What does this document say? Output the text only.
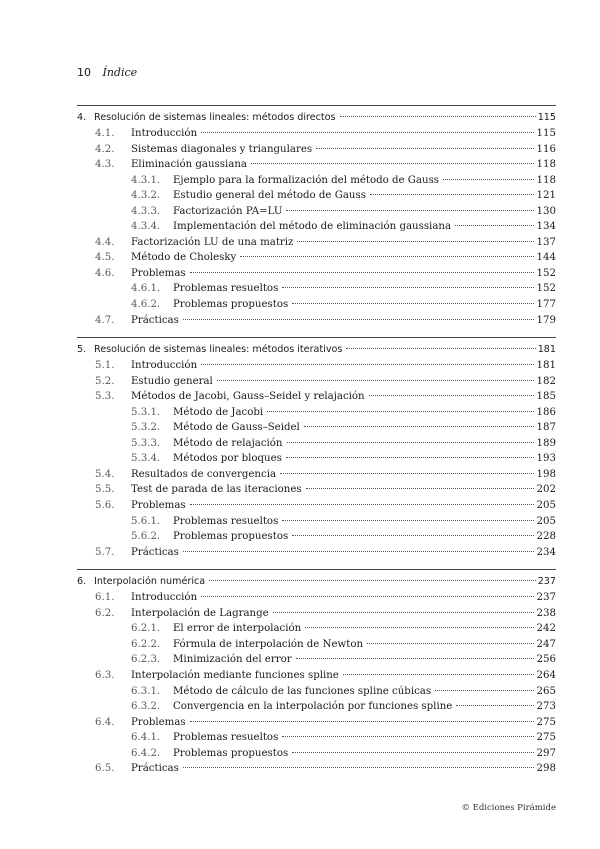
10 Índice
4. Resolución de sistemas lineales: métodos directos	115
4.1. Introducción	115
4.2. Sistemas diagonales y triangulares	116
4.3. Eliminación gaussiana	118
4.3.1. Ejemplo para la formalización del método de Gauss	118
4.3.2. Estudio general del método de Gauss	121
4.3.3. Factorización PA=LU	130
4.3.4. Implementación del método de eliminación gaussiana	134
4.4. Factorización LU de una matriz	137
4.5. Método de Cholesky	144
4.6. Problemas	152
4.6.1. Problemas resueltos	152
4.6.2. Problemas propuestos	177
4.7. Prácticas	179
5. Resolución de sistemas lineales: métodos iterativos	181
5.1. Introducción	181
5.2. Estudio general	182
5.3. Métodos de Jacobi, Gauss–Seidel y relajación	185
5.3.1. Método de Jacobi	186
5.3.2. Método de Gauss–Seidel	187
5.3.3. Método de relajación	189
5.3.4. Métodos por bloques	193
5.4. Resultados de convergencia	198
5.5. Test de parada de las iteraciones	202
5.6. Problemas	205
5.6.1. Problemas resueltos	205
5.6.2. Problemas propuestos	228
5.7. Prácticas	234
6. Interpolación numérica	237
6.1. Introducción	237
6.2. Interpolación de Lagrange	238
6.2.1. El error de interpolación	242
6.2.2. Fórmula de interpolación de Newton	247
6.2.3. Minimización del error	256
6.3. Interpolación mediante funciones spline	264
6.3.1. Método de cálculo de las funciones spline cúbicas	265
6.3.2. Convergencia en la interpolación por funciones spline	273
6.4. Problemas	275
6.4.1. Problemas resueltos	275
6.4.2. Problemas propuestos	297
6.5. Prácticas	298
© Ediciones Pirámide
